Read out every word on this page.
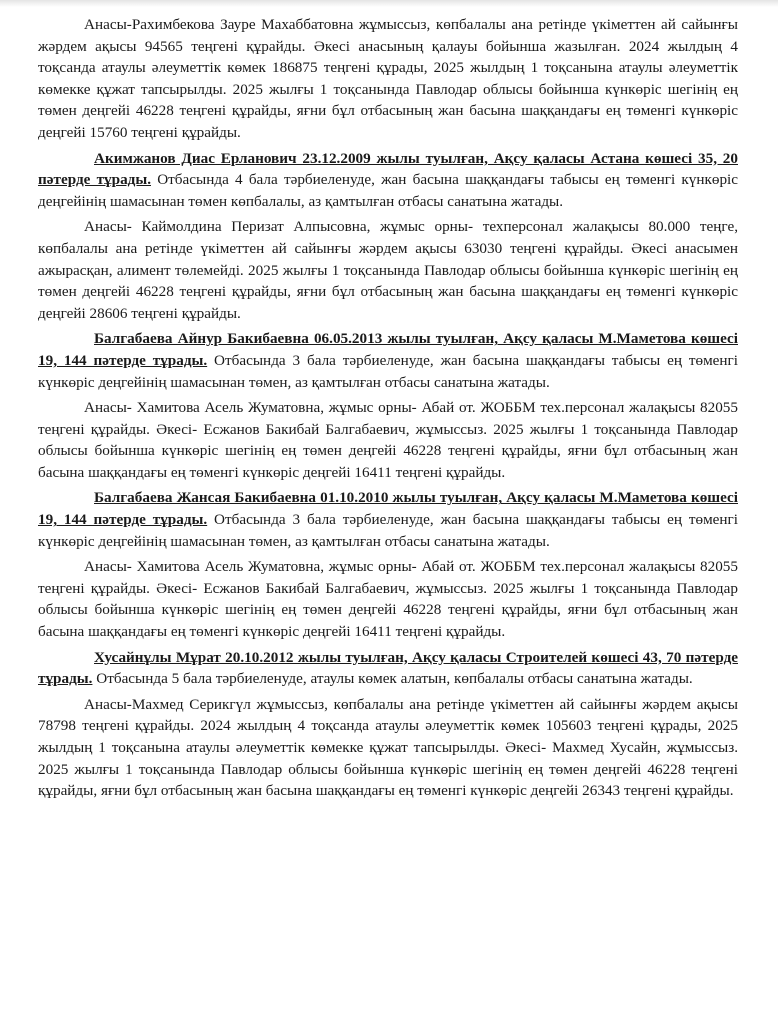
Анасы-Рахимбекова Зауре Махаббатовна жұмыссыз, көпбалалы ана ретінде үкіметтен ай сайынғы жәрдем ақысы 94565 теңгені құрайды. Әкесі анасының қалауы бойынша жазылған. 2024 жылдың 4 тоқсанда атаулы әлеуметтік көмек 186875 теңгені құрады, 2025 жылдың 1 тоқсанына атаулы әлеуметтік көмекке құжат тапсырылды. 2025 жылғы 1 тоқсанында Павлодар облысы бойынша күнкөріс шегінің ең төмен деңгейі 46228 теңгені құрайды, яғни бұл отбасының жан басына шаққандағы ең төменгі күнкөріс деңгейі 15760 теңгені құрайды.

Акимжанов Диас Ерланович 23.12.2009 жылы туылған, Ақсу қаласы Астана көшесі 35, 20 пәтерде тұрады. Отбасында 4 бала тәрбиеленуде, жан басына шаққандағы табысы ең төменгі күнкөріс деңгейінің шамасынан төмен көпбалалы, аз қамтылған отбасы санатына жатады.

Анасы- Каймолдина Перизат Алпысовна, жұмыс орны- техперсонал жалақысы 80.000 теңге, көпбалалы ана ретінде үкіметтен ай сайынғы жәрдем ақысы 63030 теңгені құрайды. Әкесі анасымен ажырасқан, алимент төлемейді. 2025 жылғы 1 тоқсанында Павлодар облысы бойынша күнкөріс шегінің ең төмен деңгейі 46228 теңгені құрайды, яғни бұл отбасының жан басына шаққандағы ең төменгі күнкөріс деңгейі 28606 теңгені құрайды.

Балгабаева Айнур Бакибаевна 06.05.2013 жылы туылған, Ақсу қаласы М.Маметова көшесі 19, 144 пәтерде тұрады. Отбасында 3 бала тәрбиеленуде, жан басына шаққандағы табысы ең төменгі күнкөріс деңгейінің шамасынан төмен, аз қамтылған отбасы санатына жатады.

Анасы- Хамитова Асель Жуматовна, жұмыс орны- Абай от. ЖОББМ тех.персонал жалақысы 82055 теңгені құрайды. Әкесі- Есжанов Бакибай Балгабаевич, жұмыссыз. 2025 жылғы 1 тоқсанында Павлодар облысы бойынша күнкөріс шегінің ең төмен деңгейі 46228 теңгені құрайды, яғни бұл отбасының жан басына шаққандағы ең төменгі күнкөріс деңгейі 16411 теңгені құрайды.

Балгабаева Жансая Бакибаевна 01.10.2010 жылы туылған, Ақсу қаласы М.Маметова көшесі 19, 144 пәтерде тұрады. Отбасында 3 бала тәрбиеленуде, жан басына шаққандағы табысы ең төменгі күнкөріс деңгейінің шамасынан төмен, аз қамтылған отбасы санатына жатады.

Анасы- Хамитова Асель Жуматовна, жұмыс орны- Абай от. ЖОББМ тех.персонал жалақысы 82055 теңгені құрайды. Әкесі- Есжанов Бакибай Балгабаевич, жұмыссыз. 2025 жылғы 1 тоқсанында Павлодар облысы бойынша күнкөріс шегінің ең төмен деңгейі 46228 теңгені құрайды, яғни бұл отбасының жан басына шаққандағы ең төменгі күнкөріс деңгейі 16411 теңгені құрайды.

Хусайнұлы Мұрат 20.10.2012 жылы туылған, Ақсу қаласы Строителей көшесі 43, 70 пәтерде тұрады. Отбасында 5 бала тәрбиеленуде, атаулы көмек алатын, көпбалалы отбасы санатына жатады.

Анасы-Махмед Серикгүл жұмыссыз, көпбалалы ана ретінде үкіметтен ай сайынғы жәрдем ақысы 78798 теңгені құрайды. 2024 жылдың 4 тоқсанда атаулы әлеуметтік көмек 105603 теңгені құрады, 2025 жылдың 1 тоқсанына атаулы әлеуметтік көмекке құжат тапсырылды. Әкесі- Махмед Хусайн, жұмыссыз. 2025 жылғы 1 тоқсанында Павлодар облысы бойынша күнкөріс шегінің ең төмен деңгейі 46228 теңгені құрайды, яғни бұл отбасының жан басына шаққандағы ең төменгі күнкөріс деңгейі 26343 теңгені құрайды.
